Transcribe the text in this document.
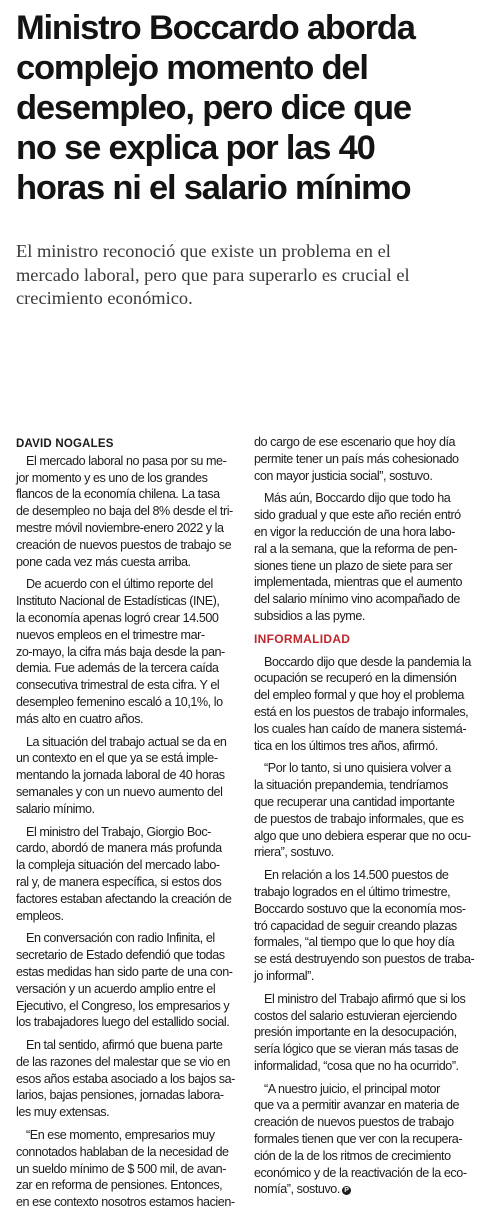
Ministro Boccardo aborda
complejo momento del
desempleo, pero dice que
no se explica por las 40
horas ni el salario mínimo

El ministro reconoció que existe un problema en el
mercado laboral, pero que para superarlo es crucial el
crecimiento económico.

DAVID NOGALES
El mercado laboral no pasa por su me-
jor momento y es uno de los grandes
flancos de la economía chilena. La tasa
de desempleo no baja del 8% desde el tri-
mestre móvil noviembre-enero 2022 y la
creación de nuevos puestos de trabajo se
pone cada vez más cuesta arriba.
De acuerdo con el último reporte del
Instituto Nacional de Estadísticas (INE),
la economía apenas logró crear 14.500
nuevos empleos en el trimestre mar-
zo-mayo, la cifra más baja desde la pan-
demia. Fue además de la tercera caída
consecutiva trimestral de esta cifra. Y el
desempleo femenino escaló a 10,1%, lo
más alto en cuatro años.
La situación del trabajo actual se da en
un contexto en el que ya se está imple-
mentando la jornada laboral de 40 horas
semanales y con un nuevo aumento del
salario mínimo.
El ministro del Trabajo, Giorgio Boc-
cardo, abordó de manera más profunda
la compleja situación del mercado labo-
ral y, de manera específica, si estos dos
factores estaban afectando la creación de
empleos.
En conversación con radio Infinita, el
secretario de Estado defendió que todas
estas medidas han sido parte de una con-
versación y un acuerdo amplio entre el
Ejecutivo, el Congreso, los empresarios y
los trabajadores luego del estallido social.
En tal sentido, afirmó que buena parte
de las razones del malestar que se vio en
esos años estaba asociado a los bajos sa-
larios, bajas pensiones, jornadas labora-
les muy extensas.
“En ese momento, empresarios muy
connotados hablaban de la necesidad de
un sueldo mínimo de $ 500 mil, de avan-
zar en reforma de pensiones. Entonces,
en ese contexto nosotros estamos hacien-
do cargo de ese escenario que hoy día
permite tener un país más cohesionado
con mayor justicia social”, sostuvo.
Más aún, Boccardo dijo que todo ha
sido gradual y que este año recién entró
en vigor la reducción de una hora labo-
ral a la semana, que la reforma de pen-
siones tiene un plazo de siete para ser
implementada, mientras que el aumento
del salario mínimo vino acompañado de
subsidios a las pyme.
INFORMALIDAD
Boccardo dijo que desde la pandemia la
ocupación se recuperó en la dimensión
del empleo formal y que hoy el problema
está en los puestos de trabajo informales,
los cuales han caído de manera sistemá-
tica en los últimos tres años, afirmó.
“Por lo tanto, si uno quisiera volver a
la situación prepandemia, tendríamos
que recuperar una cantidad importante
de puestos de trabajo informales, que es
algo que uno debiera esperar que no ocu-
rriera”, sostuvo.
En relación a los 14.500 puestos de
trabajo logrados en el último trimestre,
Boccardo sostuvo que la economía mos-
tró capacidad de seguir creando plazas
formales, “al tiempo que lo que hoy día
se está destruyendo son puestos de traba-
jo informal”.
El ministro del Trabajo afirmó que si los
costos del salario estuvieran ejerciendo
presión importante en la desocupación,
sería lógico que se vieran más tasas de
informalidad, “cosa que no ha ocurrido”.
“A nuestro juicio, el principal motor
que va a permitir avanzar en materia de
creación de nuevos puestos de trabajo
formales tienen que ver con la recupera-
ción de la de los ritmos de crecimiento
económico y de la reactivación de la eco-
nomía”, sostuvo. P
